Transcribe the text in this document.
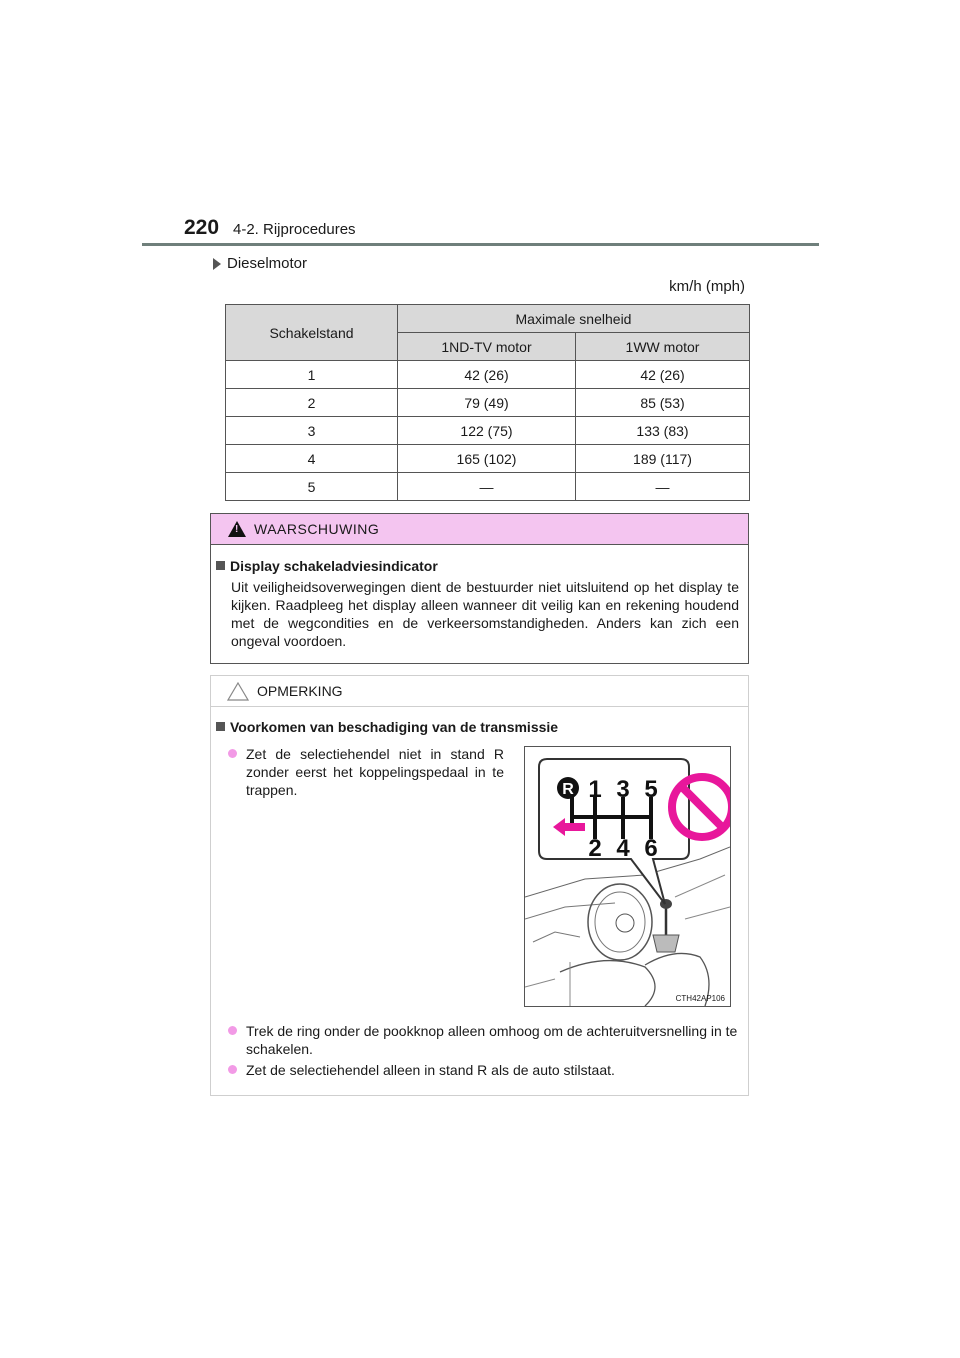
220 4-2. Rijprocedures
Dieselmotor
km/h (mph)
Schakelstand	Maximale snelheid	
	1ND-TV motor	1WW motor
1	42 (26)	42 (26)
2	79 (49)	85 (53)
3	122 (75)	133 (83)
4	165 (102)	189 (117)
5	—	—
!
WAARSCHUWING
Display schakeladviesindicator
Uit veiligheidsoverwegingen dient de bestuurder niet uitsluitend op het display te kijken. Raadpleeg het display alleen wanneer dit veilig kan en rekening houdend met de wegcondities en de verkeersomstandigheden. Anders kan zich een ongeval voordoen.
OPMERKING
Voorkomen van beschadiging van de transmissie
Zet de selectiehendel niet in stand R zonder eerst het koppelingspedaal in te trappen.
Trek de ring onder de pookknop alleen omhoog om de achteruitversnelling in te schakelen.
Zet de selectiehendel alleen in stand R als de auto stilstaat.
R 1 3 5
2 4 6
CTH42AP106
